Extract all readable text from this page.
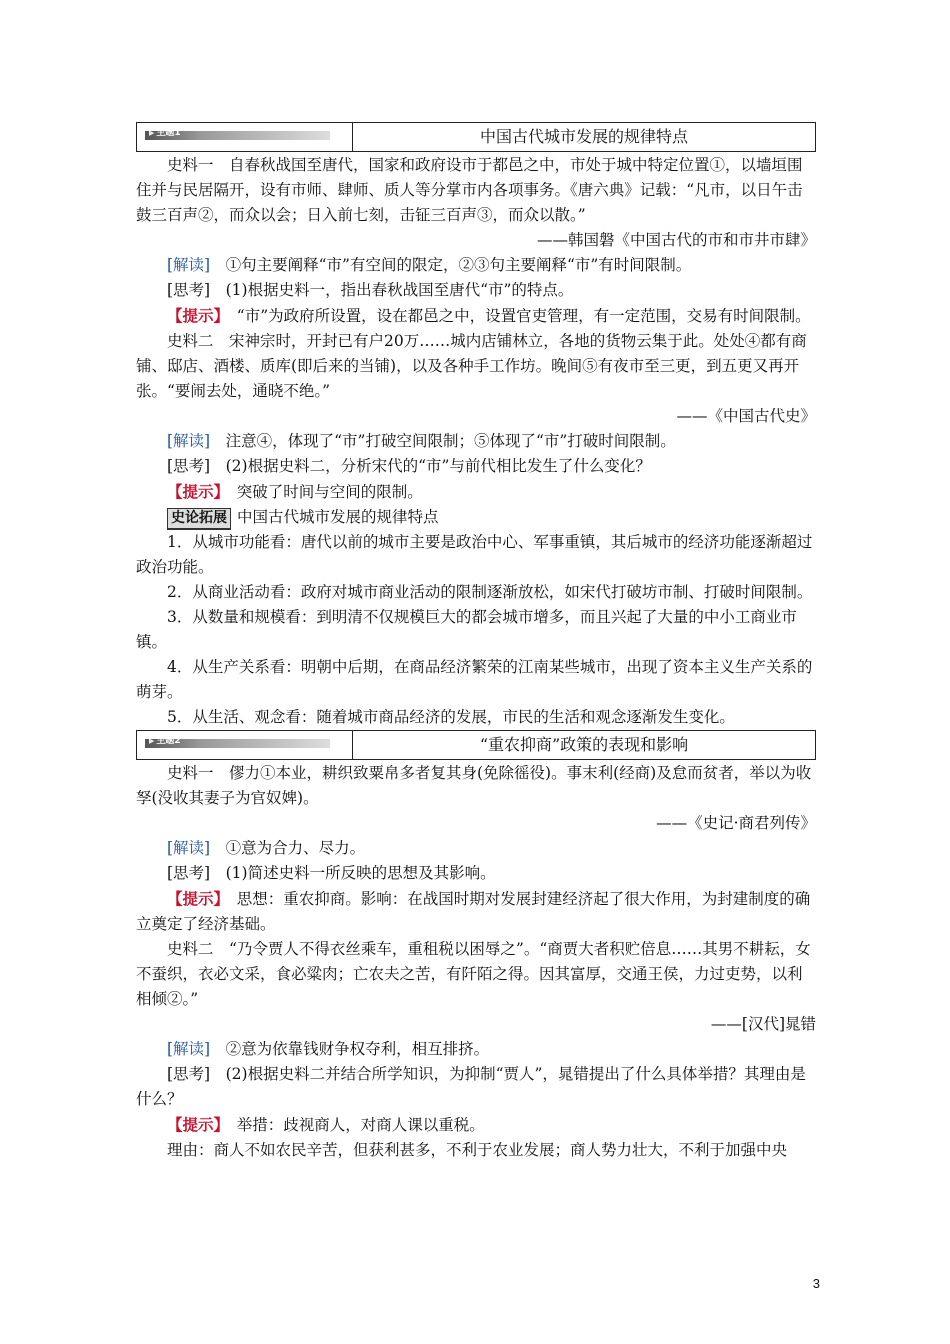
▶ 主题1	中国古代城市发展的规律特点

史料一　自春秋战国至唐代，国家和政府设市于都邑之中，市处于城中特定位置①，以墙垣围住并与民居隔开，设有市师、肆师、质人等分掌市内各项事务。《唐六典》记载：“凡市，以日午击鼓三百声②，而众以会；日入前七刻，击钲三百声③，而众以散。”

——韩国磐《中国古代的市和市井市肆》

[解读]　①句主要阐释“市”有空间的限定，②③句主要阐释“市”有时间限制。

[思考]　(1)根据史料一，指出春秋战国至唐代“市”的特点。

【提示】　“市”为政府所设置，设在都邑之中，设置官吏管理，有一定范围，交易有时间限制。

史料二　宋神宗时，开封已有户20万……城内店铺林立，各地的货物云集于此。处处④都有商铺、邸店、酒楼、质库(即后来的当铺)，以及各种手工作坊。晚间⑤有夜市至三更，到五更又再开张。“要闹去处，通晓不绝。”

——《中国古代史》

[解读]　注意④，体现了“市”打破空间限制；⑤体现了“市”打破时间限制。

[思考]　(2)根据史料二，分析宋代的“市”与前代相比发生了什么变化？

【提示】　突破了时间与空间的限制。

史论拓展 中国古代城市发展的规律特点

1．从城市功能看：唐代以前的城市主要是政治中心、军事重镇，其后城市的经济功能逐渐超过政治功能。

2．从商业活动看：政府对城市商业活动的限制逐渐放松，如宋代打破坊市制、打破时间限制。

3．从数量和规模看：到明清不仅规模巨大的都会城市增多，而且兴起了大量的中小工商业市镇。

4．从生产关系看：明朝中后期，在商品经济繁荣的江南某些城市，出现了资本主义生产关系的萌芽。

5．从生活、观念看：随着城市商品经济的发展，市民的生活和观念逐渐发生变化。

▶ 主题2	“重农抑商”政策的表现和影响

史料一　僇力①本业，耕织致粟帛多者复其身(免除徭役)。事末利(经商)及怠而贫者，举以为收孥(没收其妻子为官奴婢)。

——《史记·商君列传》

[解读]　①意为合力、尽力。

[思考]　(1)简述史料一所反映的思想及其影响。

【提示】　思想：重农抑商。影响：在战国时期对发展封建经济起了很大作用，为封建制度的确立奠定了经济基础。

史料二　“乃令贾人不得衣丝乘车，重租税以困辱之”。“商贾大者积贮倍息……其男不耕耘，女不蚕织，衣必文采，食必粱肉；亡农夫之苦，有阡陌之得。因其富厚，交通王侯，力过吏势，以利相倾②。”

——[汉代]晁错

[解读]　②意为依靠钱财争权夺利，相互排挤。

[思考]　(2)根据史料二并结合所学知识，为抑制“贾人”，晁错提出了什么具体举措？其理由是什么？

【提示】　举措：歧视商人，对商人课以重税。

理由：商人不如农民辛苦，但获利甚多，不利于农业发展；商人势力壮大，不利于加强中央

3
